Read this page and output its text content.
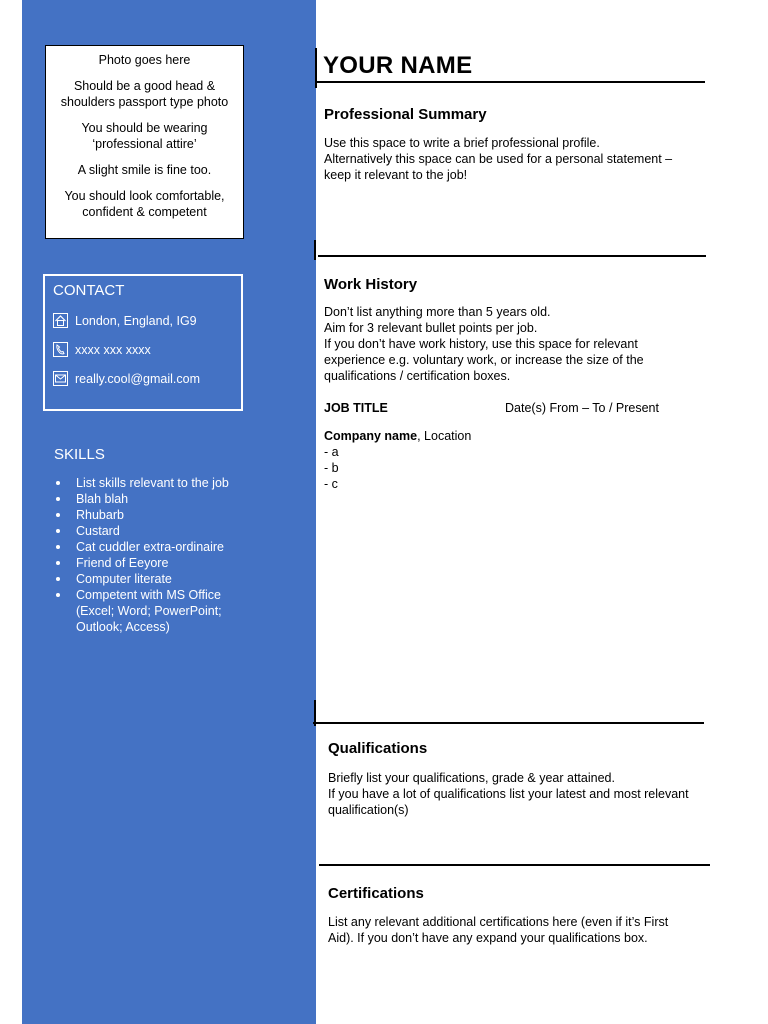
Photo goes here

Should be a good head & shoulders passport type photo

You should be wearing ‘professional attire’

A slight smile is fine too.

You should look comfortable, confident & competent

CONTACT
London, England, IG9
xxxx xxx xxxx
really.cool@gmail.com
SKILLS
List skills relevant to the job
Blah blah
Rhubarb
Custard
Cat cuddler extra-ordinaire
Friend of Eeyore
Computer literate
Competent with MS Office (Excel; Word; PowerPoint; Outlook; Access)
YOUR NAME
Professional Summary
Use this space to write a brief professional profile.
Alternatively this space can be used for a personal statement –
keep it relevant to the job!
Work History
Don’t list anything more than 5 years old.
Aim for 3 relevant bullet points per job.
If you don’t have work history, use this space for relevant
experience e.g. voluntary work, or increase the size of the
qualifications / certification boxes.
JOB TITLE	Date(s) From – To / Present
Company name, Location
- a
- b
- c
Qualifications
Briefly list your qualifications, grade & year attained.
If you have a lot of qualifications list your latest and most relevant
qualification(s)
Certifications
List any relevant additional certifications here (even if it’s First
Aid). If you don’t have any expand your qualifications box.
